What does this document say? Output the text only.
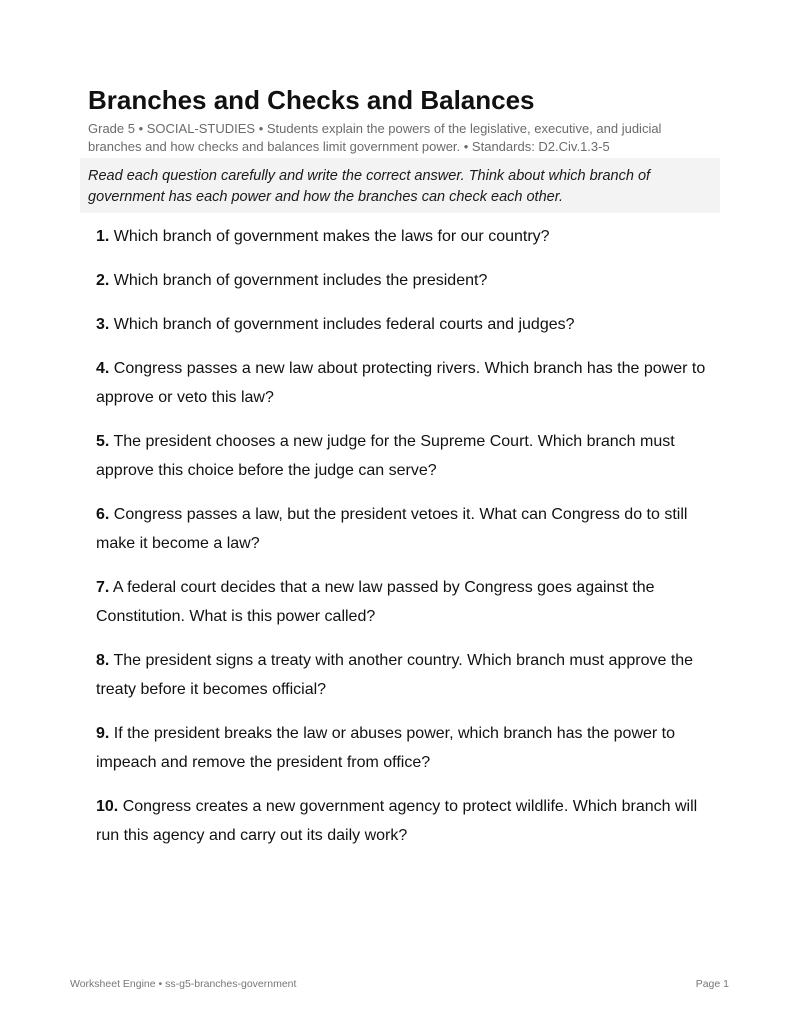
Branches and Checks and Balances
Grade 5 • SOCIAL-STUDIES • Students explain the powers of the legislative, executive, and judicial branches and how checks and balances limit government power. • Standards: D2.Civ.1.3-5
Read each question carefully and write the correct answer. Think about which branch of government has each power and how the branches can check each other.
1. Which branch of government makes the laws for our country?
2. Which branch of government includes the president?
3. Which branch of government includes federal courts and judges?
4. Congress passes a new law about protecting rivers. Which branch has the power to approve or veto this law?
5. The president chooses a new judge for the Supreme Court. Which branch must approve this choice before the judge can serve?
6. Congress passes a law, but the president vetoes it. What can Congress do to still make it become a law?
7. A federal court decides that a new law passed by Congress goes against the Constitution. What is this power called?
8. The president signs a treaty with another country. Which branch must approve the treaty before it becomes official?
9. If the president breaks the law or abuses power, which branch has the power to impeach and remove the president from office?
10. Congress creates a new government agency to protect wildlife. Which branch will run this agency and carry out its daily work?
Worksheet Engine • ss-g5-branches-government	Page 1
